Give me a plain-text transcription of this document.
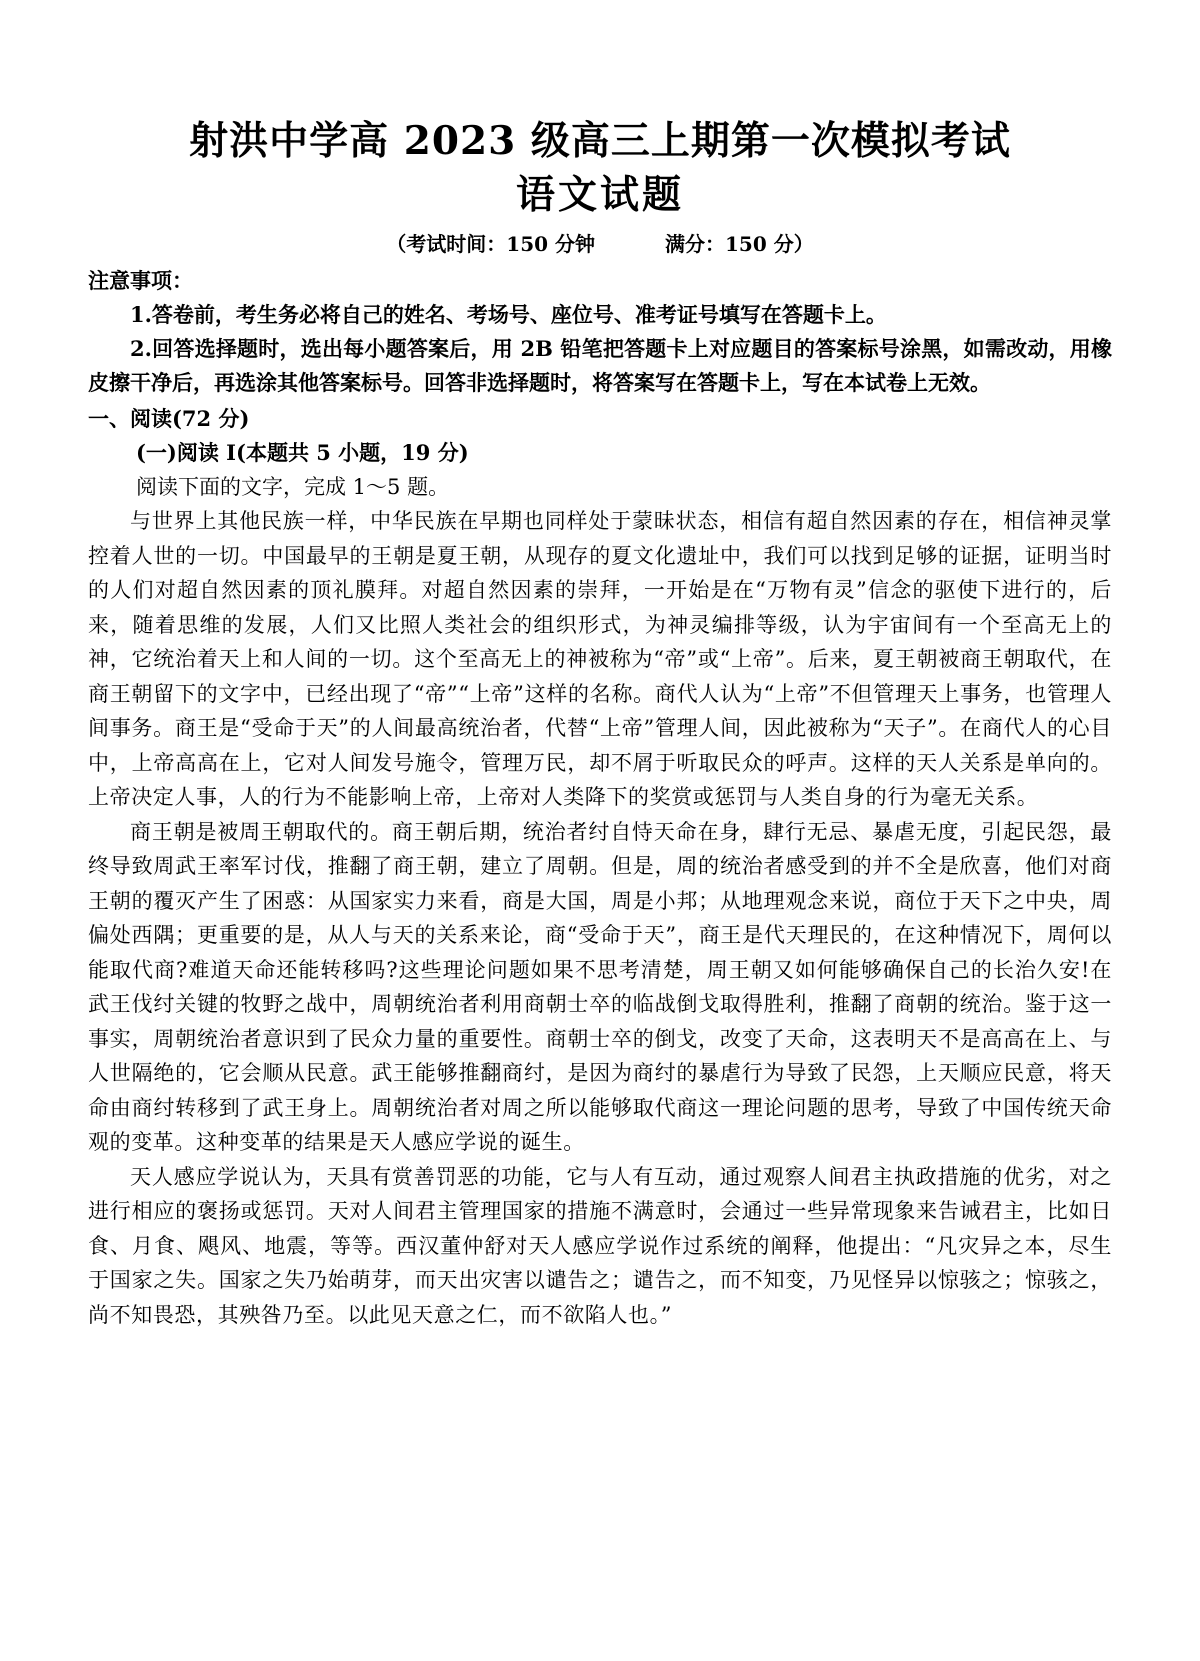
射洪中学高 2023 级高三上期第一次模拟考试
语文试题
（考试时间：150 分钟	满分：150 分）
注意事项：

1.答卷前，考生务必将自己的姓名、考场号、座位号、准考证号填写在答题卡上。

2.回答选择题时，选出每小题答案后，用 2B 铅笔把答题卡上对应题目的答案标号涂黑，如需改动，用橡皮擦干净后，再选涂其他答案标号。回答非选择题时，将答案写在答题卡上，写在本试卷上无效。

一、阅读(72 分)
(一)阅读 I(本题共 5 小题，19 分)
阅读下面的文字，完成 1～5 题。

与世界上其他民族一样，中华民族在早期也同样处于蒙昧状态，相信有超自然因素的存在，相信神灵掌控着人世的一切。中国最早的王朝是夏王朝，从现存的夏文化遗址中，我们可以找到足够的证据，证明当时的人们对超自然因素的顶礼膜拜。对超自然因素的崇拜，一开始是在“万物有灵”信念的驱使下进行的，后来，随着思维的发展，人们又比照人类社会的组织形式，为神灵编排等级，认为宇宙间有一个至高无上的神，它统治着天上和人间的一切。这个至高无上的神被称为“帝”或“上帝”。后来，夏王朝被商王朝取代，在商王朝留下的文字中，已经出现了“帝”“上帝”这样的名称。商代人认为“上帝”不但管理天上事务，也管理人间事务。商王是“受命于天”的人间最高统治者，代替“上帝”管理人间，因此被称为“天子”。在商代人的心目中，上帝高高在上，它对人间发号施令，管理万民，却不屑于听取民众的呼声。这样的天人关系是单向的。上帝决定人事，人的行为不能影响上帝，上帝对人类降下的奖赏或惩罚与人类自身的行为毫无关系。

商王朝是被周王朝取代的。商王朝后期，统治者纣自恃天命在身，肆行无忌、暴虐无度，引起民怨，最终导致周武王率军讨伐，推翻了商王朝，建立了周朝。但是，周的统治者感受到的并不全是欣喜，他们对商王朝的覆灭产生了困惑：从国家实力来看，商是大国，周是小邦；从地理观念来说，商位于天下之中央，周偏处西隅；更重要的是，从人与天的关系来论，商“受命于天”，商王是代天理民的，在这种情况下，周何以能取代商?难道天命还能转移吗?这些理论问题如果不思考清楚，周王朝又如何能够确保自己的长治久安!在武王伐纣关键的牧野之战中，周朝统治者利用商朝士卒的临战倒戈取得胜利，推翻了商朝的统治。鉴于这一事实，周朝统治者意识到了民众力量的重要性。商朝士卒的倒戈，改变了天命，这表明天不是高高在上、与人世隔绝的，它会顺从民意。武王能够推翻商纣，是因为商纣的暴虐行为导致了民怨，上天顺应民意，将天命由商纣转移到了武王身上。周朝统治者对周之所以能够取代商这一理论问题的思考，导致了中国传统天命观的变革。这种变革的结果是天人感应学说的诞生。

天人感应学说认为，天具有赏善罚恶的功能，它与人有互动，通过观察人间君主执政措施的优劣，对之进行相应的褒扬或惩罚。天对人间君主管理国家的措施不满意时，会通过一些异常现象来告诫君主，比如日食、月食、飓风、地震，等等。西汉董仲舒对天人感应学说作过系统的阐释，他提出：“凡灾异之本，尽生于国家之失。国家之失乃始萌芽，而天出灾害以谴告之；谴告之，而不知变，乃见怪异以惊骇之；惊骇之，尚不知畏恐，其殃咎乃至。以此见天意之仁，而不欲陷人也。”
